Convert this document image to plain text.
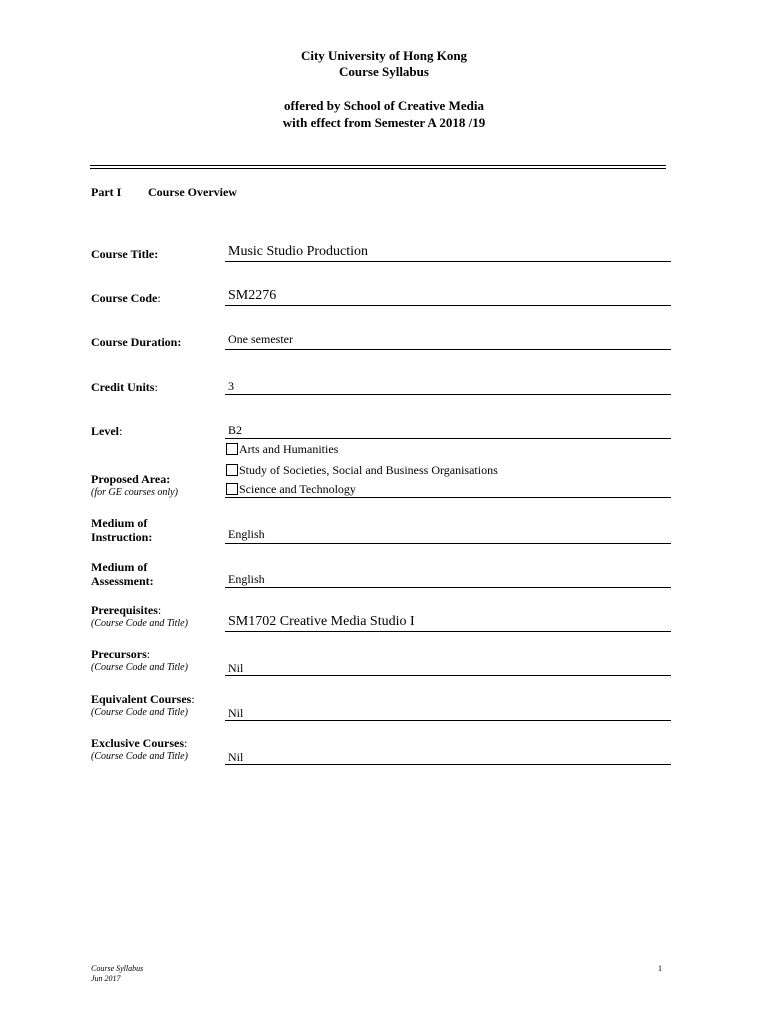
City University of Hong Kong
Course Syllabus
offered by School of Creative Media
with effect from Semester A 2018 /19
Part I Course Overview
Course Title:	Music Studio Production
Course Code:	SM2276
Course Duration:	One semester
Credit Units:	3
Level:	B2
Proposed Area:
(for GE courses only)
Arts and Humanities
Study of Societies, Social and Business Organisations
Science and Technology
Medium of
Instruction:	English
Medium of
Assessment:	English
Prerequisites:
(Course Code and Title)	SM1702 Creative Media Studio I
Precursors:
(Course Code and Title)	Nil
Equivalent Courses:
(Course Code and Title)	Nil
Exclusive Courses:
(Course Code and Title)	Nil
Course Syllabus
Jun 2017
1
